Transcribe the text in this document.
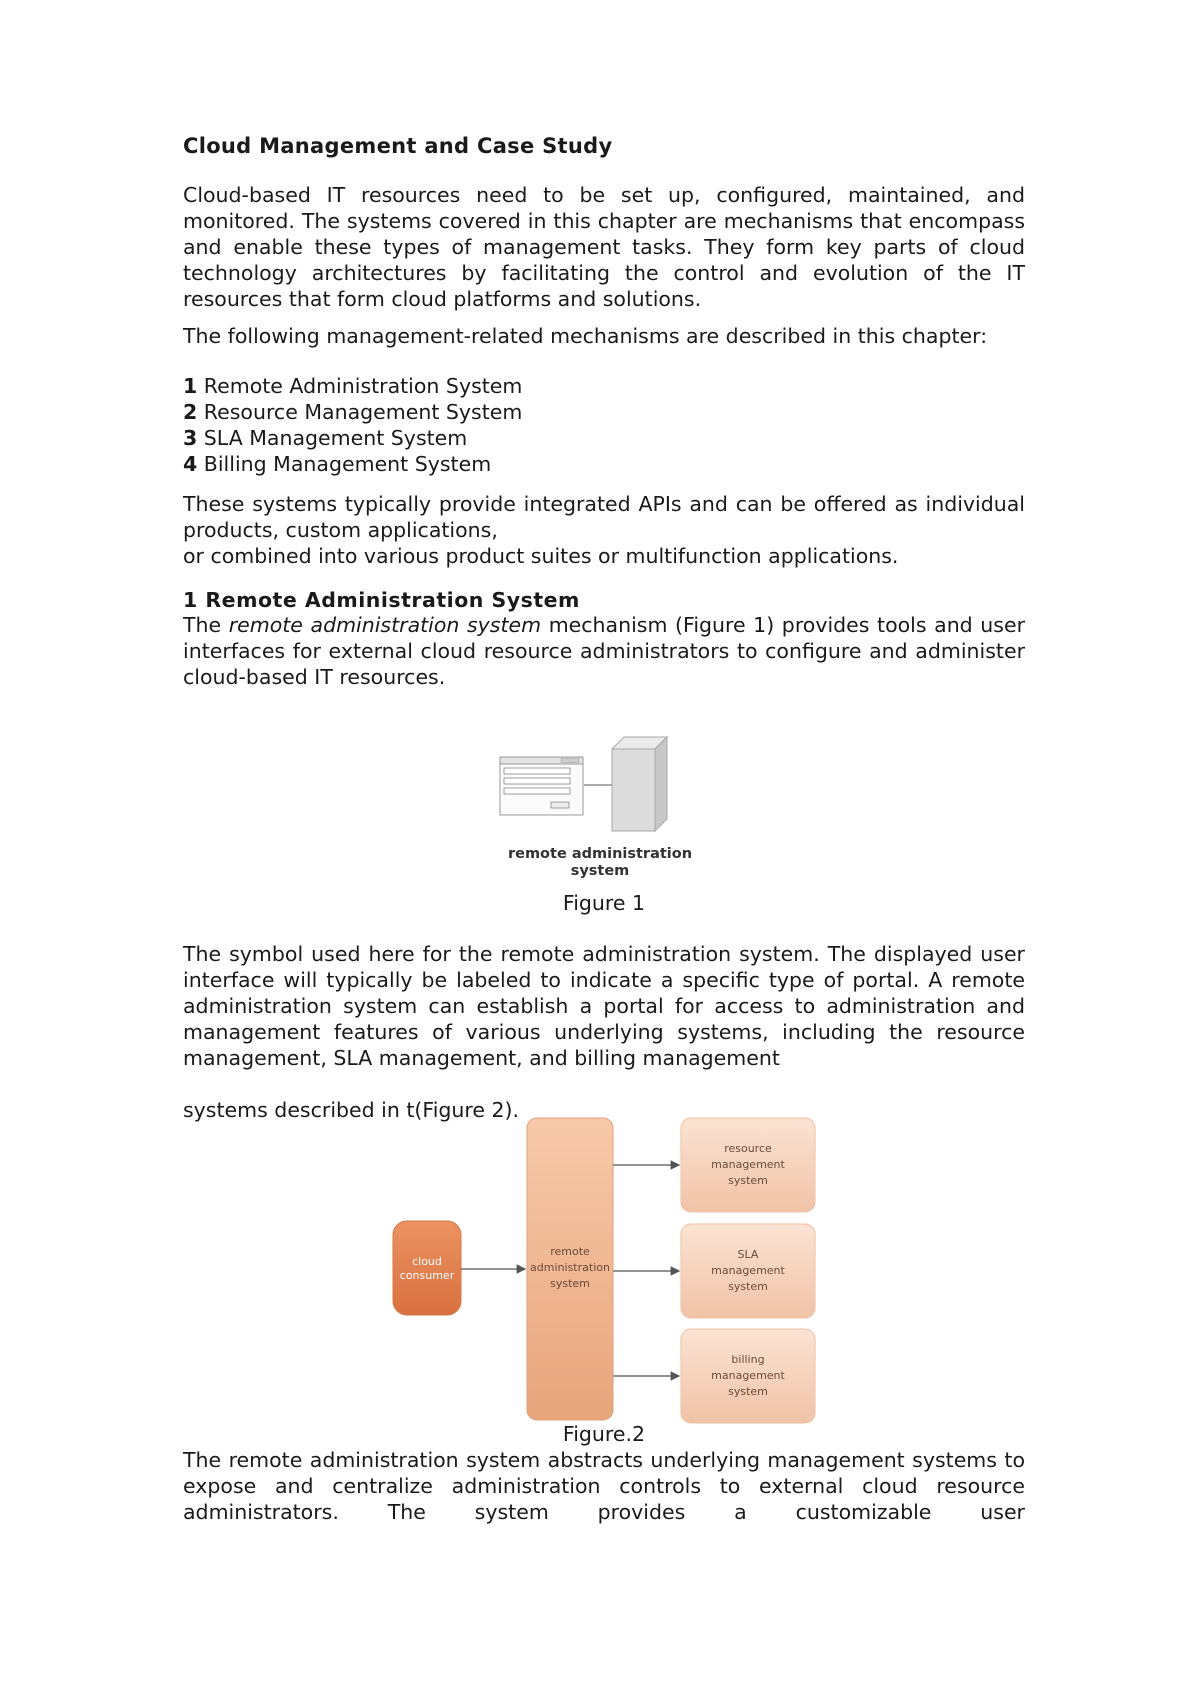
Cloud Management and Case Study

Cloud-based IT resources need to be set up, configured, maintained, and monitored. The systems covered in this chapter are mechanisms that encompass and enable these types of management tasks. They form key parts of cloud technology architectures by facilitating the control and evolution of the IT resources that form cloud platforms and solutions.

The following management-related mechanisms are described in this chapter:

1 Remote Administration System
2 Resource Management System
3 SLA Management System
4 Billing Management System
These systems typically provide integrated APIs and can be offered as individual products, custom applications,
or combined into various product suites or multifunction applications.
1 Remote Administration System

The remote administration system mechanism (Figure 1) provides tools and user interfaces for external cloud resource administrators to configure and administer cloud-based IT resources.

remote administration
system
Figure 1

The symbol used here for the remote administration system. The displayed user interface will typically be labeled to indicate a specific type of portal. A remote administration system can establish a portal for access to administration and management features of various underlying systems, including the resource management, SLA management, and billing management

systems described in t(Figure 2).
cloud
consumer
remote
administration
system
resource
management
system
SLA
management
system
billing
management
system
Figure.2
The remote administration system abstracts underlying management systems to expose and centralize administration controls to external cloud resource administrators. The system provides a customizable user
